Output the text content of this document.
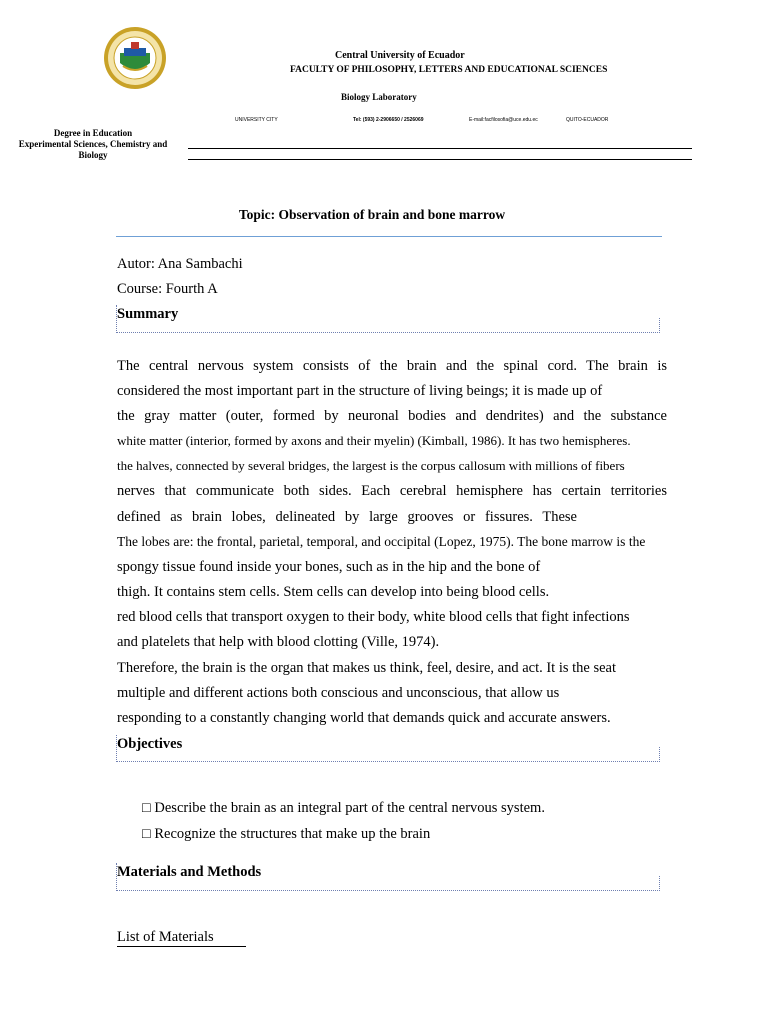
Central University of Ecuador
FACULTY OF PHILOSOPHY, LETTERS AND EDUCATIONAL SCIENCES
Biology Laboratory
UNIVERSITY CITY	Tel: (593) 2-2906650 / 2526069	E-mail:facfilosofia@uce.edu.ec	QUITO-ECUADOR
Degree in Education
Experimental Sciences, Chemistry and
Biology
Topic: Observation of brain and bone marrow
Autor: Ana Sambachi
Course: Fourth A
Summary
The central nervous system consists of the brain and the spinal cord. The brain is
considered the most important part in the structure of living beings; it is made up of
the gray matter (outer, formed by neuronal bodies and dendrites) and the substance
white matter (interior, formed by axons and their myelin) (Kimball, 1986). It has two hemispheres.
the halves, connected by several bridges, the largest is the corpus callosum with millions of fibers
nerves that communicate both sides. Each cerebral hemisphere has certain territories
defined as brain lobes, delineated by large grooves or fissures. These
The lobes are: the frontal, parietal, temporal, and occipital (Lopez, 1975). The bone marrow is the
spongy tissue found inside your bones, such as in the hip and the bone of
thigh. It contains stem cells. Stem cells can develop into being blood cells.
red blood cells that transport oxygen to their body, white blood cells that fight infections
and platelets that help with blood clotting (Ville, 1974).
Therefore, the brain is the organ that makes us think, feel, desire, and act. It is the seat
multiple and different actions both conscious and unconscious, that allow us
responding to a constantly changing world that demands quick and accurate answers.
Objectives
□ Describe the brain as an integral part of the central nervous system.
□ Recognize the structures that make up the brain
Materials and Methods
List of Materials
